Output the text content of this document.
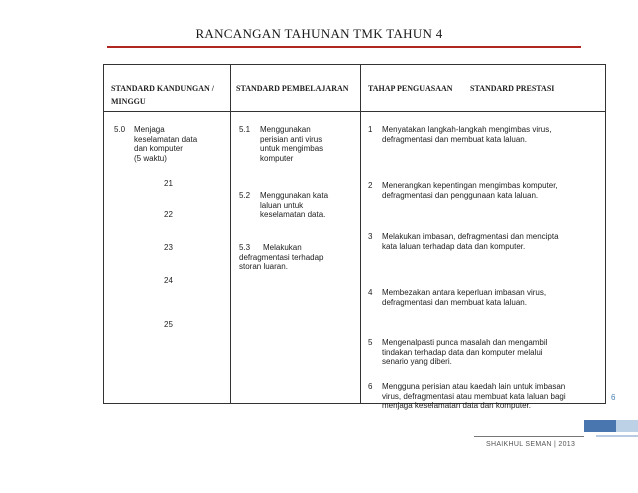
RANCANGAN TAHUNAN TMK TAHUN 4
STANDARD KANDUNGAN / MINGGU
STANDARD PEMBELAJARAN TAHAP PENGUASAAN STANDARD PRESTASI
5.0 Menjaga
keselamatan data
dan komputer
(5 waktu)
21
22
23
24
25
5.1 Menggunakan
perisian anti virus
untuk mengimbas
komputer
5.2 Menggunakan kata
laluan untuk
keselamatan data.
5.3 Melakukan
defragmentasi terhadap
storan luaran.
1 Menyatakan langkah-langkah mengimbas virus,
defragmentasi dan membuat kata laluan.
2 Menerangkan kepentingan mengimbas komputer,
defragmentasi dan penggunaan kata laluan.
3 Melakukan imbasan, defragmentasi dan mencipta
kata laluan terhadap data dan komputer.
4 Membezakan antara keperluan imbasan virus,
defragmentasi dan membuat kata laluan.
5 Mengenalpasti punca masalah dan mengambil
tindakan terhadap data dan komputer melalui
senario yang diberi.
6 Mengguna perisian atau kaedah lain untuk imbasan
virus, defragmentasi atau membuat kata laluan bagi
menjaga keselamatan data dan komputer.
6
SHAIKHUL SEMAN | 2013
